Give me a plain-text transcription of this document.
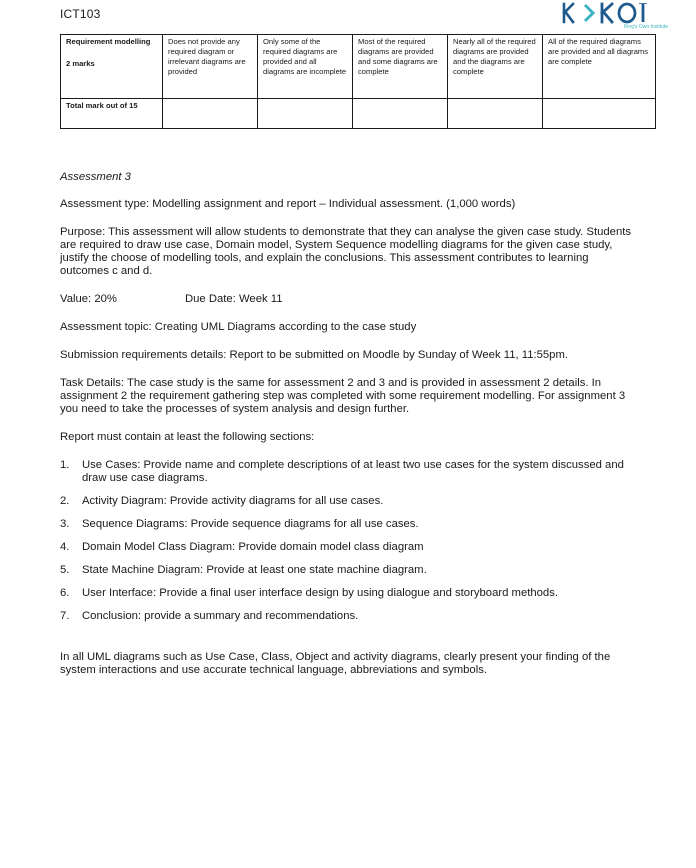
ICT103
King's Own Institute
Requirement modelling
2 marks	Does not provide any required diagram or irrelevant diagrams are provided	Only some of the required diagrams are provided and all diagrams are incomplete	Most of the required diagrams are provided and some diagrams are complete	Nearly all of the required diagrams are provided and the diagrams are complete	All of the required diagrams are provided and all diagrams are complete
Total mark out of 15					

Assessment 3

Assessment type: Modelling assignment and report – Individual assessment. (1,000 words)

Purpose: This assessment will allow students to demonstrate that they can analyse the given case study. Students are required to draw use case, Domain model, System Sequence modelling diagrams for the given case study, justify the choose of modelling tools, and explain the conclusions. This assessment contributes to learning outcomes c and d.

Value: 20%	Due Date: Week 11

Assessment topic: Creating UML Diagrams according to the case study

Submission requirements details: Report to be submitted on Moodle by Sunday of Week 11, 11:55pm.

Task Details: The case study is the same for assessment 2 and 3 and is provided in assessment 2 details. In assignment 2 the requirement gathering step was completed with some requirement modelling. For assignment 3 you need to take the processes of system analysis and design further.

Report must contain at least the following sections:

1.	Use Cases: Provide name and complete descriptions of at least two use cases for the system discussed and draw use case diagrams.
2.	Activity Diagram: Provide activity diagrams for all use cases.
3.	Sequence Diagrams: Provide sequence diagrams for all use cases.
4.	Domain Model Class Diagram: Provide domain model class diagram
5.	State Machine Diagram: Provide at least one state machine diagram.
6.	User Interface: Provide a final user interface design by using dialogue and storyboard methods.
7.	Conclusion: provide a summary and recommendations.

In all UML diagrams such as Use Case, Class, Object and activity diagrams, clearly present your finding of the system interactions and use accurate technical language, abbreviations and symbols.
